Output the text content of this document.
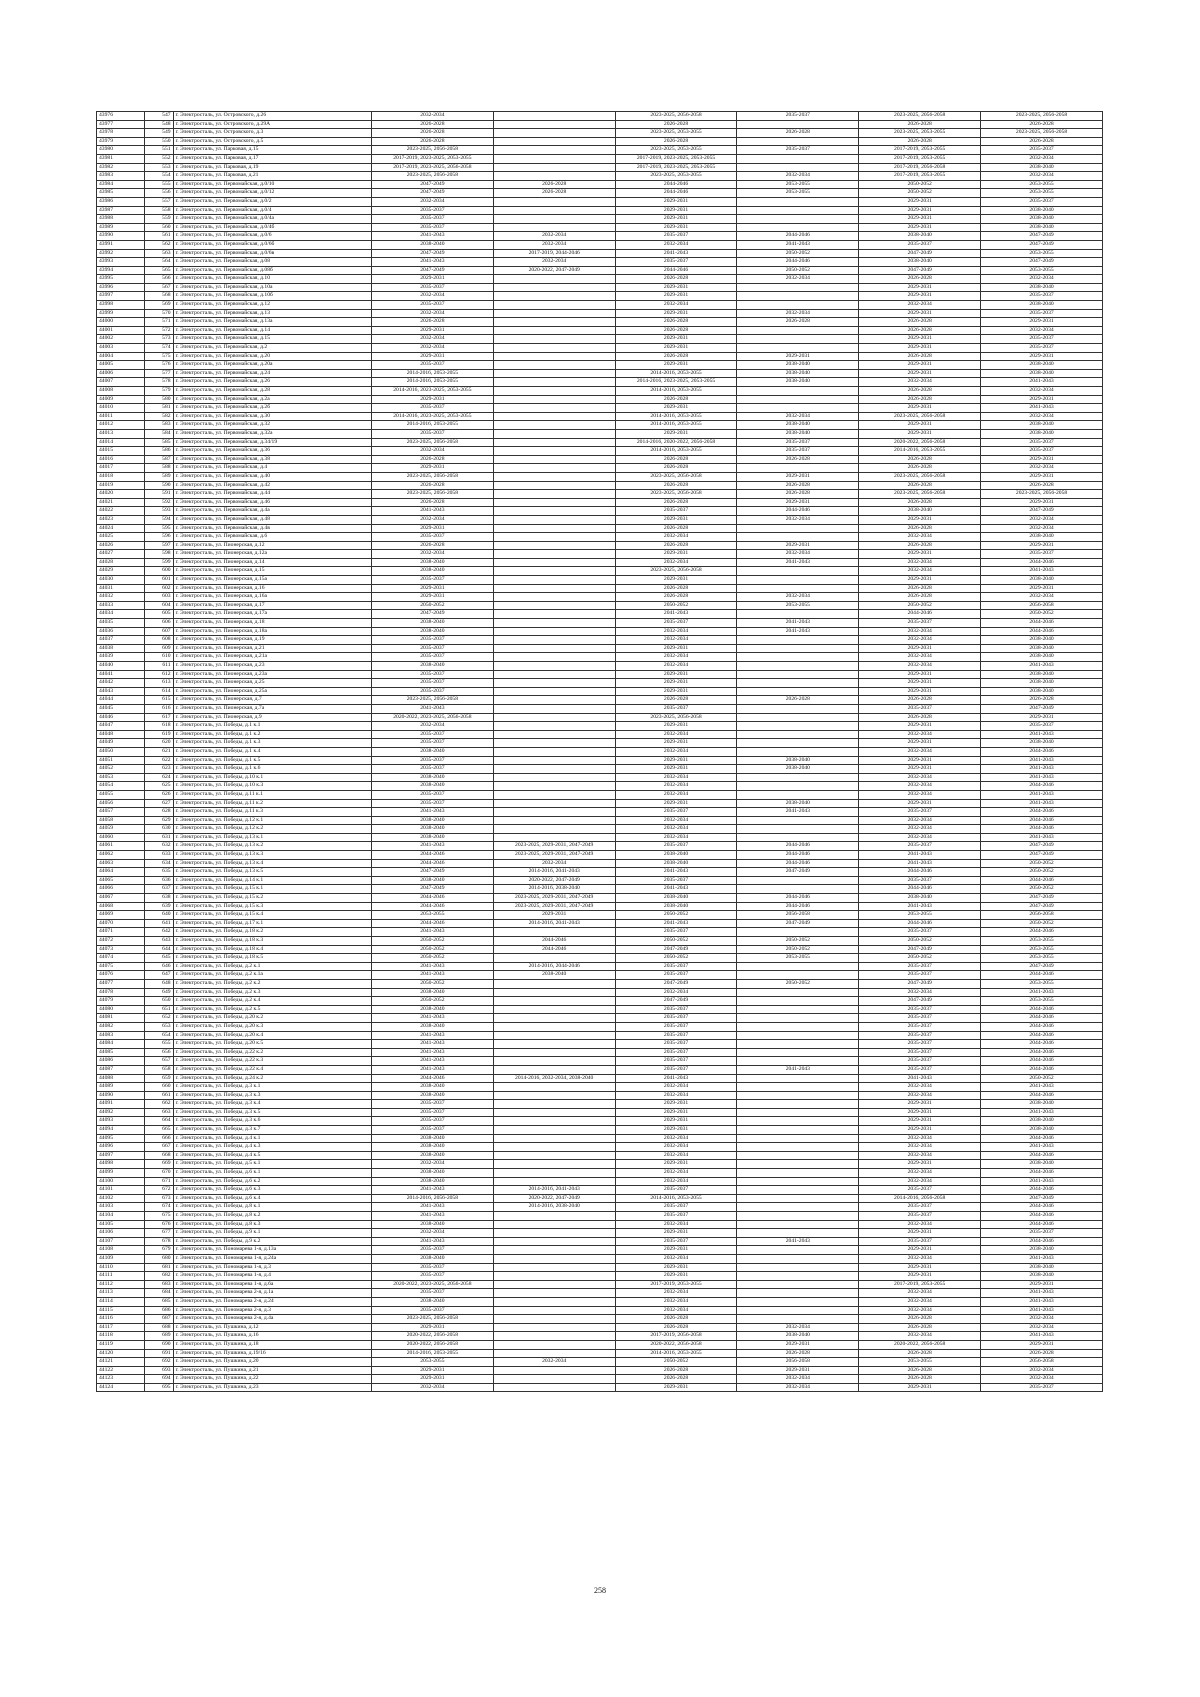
43976	547	г. Электросталь, ул. Островского, д.26	2032-2034		2023-2025, 2056-2058	2035-2037	2023-2025, 2056-2058	2023-2025, 2056-2058
43977	548	г. Электросталь, ул. Островского, д.29А	2026-2028		2026-2028		2026-2028	2026-2028
43978	549	г. Электросталь, ул. Островского, д.3	2026-2028		2023-2025, 2053-2055	2026-2028	2023-2025, 2053-2055	2023-2025, 2056-2058
43979	550	г. Электросталь, ул. Островского, д.5	2026-2028		2026-2028		2026-2028	2026-2028
43980	551	г. Электросталь, ул. Парковая, д.15	2023-2025, 2056-2058		2023-2025, 2053-2055	2035-2037	2017-2019, 2053-2055	2035-2037
43981	552	г. Электросталь, ул. Парковая, д.17	2017-2019, 2023-2025, 2053-2055		2017-2019, 2023-2025, 2053-2055		2017-2019, 2053-2055	2032-2034
43982	553	г. Электросталь, ул. Парковая, д.19	2017-2019, 2023-2025, 2056-2058		2017-2019, 2023-2025, 2053-2055		2017-2019, 2056-2058	2038-2040
43983	554	г. Электросталь, ул. Парковая, д.21	2023-2025, 2056-2058		2023-2025, 2053-2055	2032-2034	2017-2019, 2053-2055	2032-2034
43984	555	г. Электросталь, ул. Первомайская, д.0/10	2047-2049	2026-2028	2044-2046	2053-2055	2050-2052	2053-2055
43985	556	г. Электросталь, ул. Первомайская, д.0/12	2047-2049	2026-2028	2044-2046	2053-2055	2050-2052	2053-2055
43986	557	г. Электросталь, ул. Первомайская, д.0/2	2032-2034		2029-2031		2029-2031	2035-2037
43987	558	г. Электросталь, ул. Первомайская, д.0/4	2035-2037		2029-2031		2029-2031	2038-2040
43988	559	г. Электросталь, ул. Первомайская, д.0/4а	2035-2037		2029-2031		2029-2031	2038-2040
43989	560	г. Электросталь, ул. Первомайская, д.0/4б	2035-2037		2029-2031		2029-2031	2038-2040
43990	561	г. Электросталь, ул. Первомайская, д.0/6	2041-2043	2032-2034	2035-2037	2044-2046	2038-2040	2047-2049
43991	562	г. Электросталь, ул. Первомайская, д.0/6б	2038-2040	2032-2034	2032-2034	2041-2043	2035-2037	2047-2049
43992	563	г. Электросталь, ул. Первомайская, д.0/6в	2047-2049	2017-2019, 2044-2046	2041-2043	2050-2052	2047-2049	2053-2055
43993	564	г. Электросталь, ул. Первомайская, д.08	2041-2043	2032-2034	2035-2037	2044-2046	2038-2040	2047-2049
43994	565	г. Электросталь, ул. Первомайская, д.08б	2047-2049	2020-2022, 2047-2049	2044-2046	2050-2052	2047-2049	2053-2055
43995	566	г. Электросталь, ул. Первомайская, д.10	2029-2031		2026-2028	2032-2034	2026-2028	2032-2034
43996	567	г. Электросталь, ул. Первомайская, д.10а	2035-2037		2029-2031		2029-2031	2038-2040
43997	568	г. Электросталь, ул. Первомайская, д.10б	2032-2034		2029-2031		2029-2031	2035-2037
43998	569	г. Электросталь, ул. Первомайская, д.12	2035-2037		2032-2034		2032-2034	2038-2040
43999	570	г. Электросталь, ул. Первомайская, д.13	2032-2034		2029-2031	2032-2034	2029-2031	2035-2037
44000	571	г. Электросталь, ул. Первомайская, д.13а	2026-2028		2026-2028	2026-2028	2026-2028	2029-2031
44001	572	г. Электросталь, ул. Первомайская, д.14	2029-2031		2026-2028		2026-2028	2032-2034
44002	573	г. Электросталь, ул. Первомайская, д.15	2032-2034		2029-2031		2029-2031	2035-2037
44003	574	г. Электросталь, ул. Первомайская, д.2	2032-2034		2029-2031		2029-2031	2035-2037
44004	575	г. Электросталь, ул. Первомайская, д.20	2029-2031		2026-2028	2029-2031	2026-2028	2029-2031
44005	576	г. Электросталь, ул. Первомайская, д.20а	2035-2037		2029-2031	2038-2040	2029-2031	2038-2040
44006	577	г. Электросталь, ул. Первомайская, д.24	2014-2016, 2053-2055		2014-2016, 2053-2055	2038-2040	2029-2031	2038-2040
44007	578	г. Электросталь, ул. Первомайская, д.26	2014-2016, 2053-2055		2014-2016, 2023-2025, 2053-2055	2038-2040	2032-2034	2041-2043
44008	579	г. Электросталь, ул. Первомайская, д.28	2014-2016, 2023-2025, 2053-2055		2014-2016, 2053-2055		2026-2028	2032-2034
44009	580	г. Электросталь, ул. Первомайская, д.2а	2029-2031		2026-2028		2026-2028	2029-2031
44010	581	г. Электросталь, ул. Первомайская, д.2б	2035-2037		2029-2031		2029-2031	2041-2043
44011	582	г. Электросталь, ул. Первомайская, д.30	2014-2016, 2023-2025, 2053-2055		2014-2016, 2053-2055	2032-2034	2023-2025, 2056-2058	2032-2034
44012	583	г. Электросталь, ул. Первомайская, д.32	2014-2016, 2053-2055		2014-2016, 2053-2055	2038-2040	2029-2031	2038-2040
44013	584	г. Электросталь, ул. Первомайская, д.32а	2035-2037		2029-2031	2038-2040	2029-2031	2038-2040
44014	585	г. Электросталь, ул. Первомайская, д.34/19	2023-2025, 2056-2058		2014-2016, 2020-2022, 2056-2058	2035-2037	2020-2022, 2056-2058	2035-2037
44015	586	г. Электросталь, ул. Первомайская, д.36	2032-2034		2014-2016, 2053-2055	2035-2037	2014-2016, 2053-2055	2035-2037
44016	587	г. Электросталь, ул. Первомайская, д.38	2026-2028		2026-2028	2026-2028	2026-2028	2029-2031
44017	588	г. Электросталь, ул. Первомайская, д.4	2029-2031		2026-2028		2026-2028	2032-2034
44018	589	г. Электросталь, ул. Первомайская, д.40	2023-2025, 2056-2058		2023-2025, 2056-2058	2029-2031	2023-2025, 2056-2058	2029-2031
44019	590	г. Электросталь, ул. Первомайская, д.42	2026-2028		2026-2028	2026-2028	2026-2028	2026-2028
44020	591	г. Электросталь, ул. Первомайская, д.44	2023-2025, 2056-2058		2023-2025, 2056-2058	2026-2028	2023-2025, 2056-2058	2023-2025, 2056-2058
44021	592	г. Электросталь, ул. Первомайская, д.46	2026-2028		2026-2028	2029-2031	2026-2028	2029-2031
44022	593	г. Электросталь, ул. Первомайская, д.4а	2041-2043		2035-2037	2044-2046	2038-2040	2047-2049
44023	594	г. Электросталь, ул. Первомайская, д.48	2032-2034		2029-2031	2032-2034	2029-2031	2032-2034
44024	595	г. Электросталь, ул. Первомайская, д.4в	2029-2031		2026-2028		2026-2028	2032-2034
44025	596	г. Электросталь, ул. Первомайская, д.6	2035-2037		2032-2034		2032-2034	2038-2040
44026	597	г. Электросталь, ул. Пионерская, д.12	2026-2028		2026-2028	2029-2031	2026-2028	2029-2031
44027	598	г. Электросталь, ул. Пионерская, д.12а	2032-2034		2029-2031	2032-2034	2029-2031	2035-2037
44028	599	г. Электросталь, ул. Пионерская, д.14	2038-2040		2032-2034	2041-2043	2032-2034	2044-2046
44029	600	г. Электросталь, ул. Пионерская, д.15	2038-2040		2023-2025, 2056-2058		2032-2034	2041-2043
44030	601	г. Электросталь, ул. Пионерская, д.15а	2035-2037		2029-2031		2029-2031	2038-2040
44031	602	г. Электросталь, ул. Пионерская, д.16	2029-2031		2026-2028		2026-2028	2029-2031
44032	603	г. Электросталь, ул. Пионерская, д.16а	2029-2031		2026-2028	2032-2034	2026-2028	2032-2034
44033	604	г. Электросталь, ул. Пионерская, д.17	2050-2052		2050-2052	2053-2055	2050-2052	2056-2058
44034	605	г. Электросталь, ул. Пионерская, д.17а	2047-2049		2041-2043		2044-2046	2050-2052
44035	606	г. Электросталь, ул. Пионерская, д.18	2038-2040		2035-2037	2041-2043	2035-2037	2044-2046
44036	607	г. Электросталь, ул. Пионерская, д.18а	2038-2040		2032-2034	2041-2043	2032-2034	2044-2046
44037	608	г. Электросталь, ул. Пионерская, д.19	2035-2037		2032-2034		2032-2034	2038-2040
44038	609	г. Электросталь, ул. Пионерская, д.21	2035-2037		2029-2031		2029-2031	2038-2040
44039	610	г. Электросталь, ул. Пионерская, д.21а	2035-2037		2032-2034		2032-2034	2038-2040
44040	611	г. Электросталь, ул. Пионерская, д.23	2038-2040		2032-2034		2032-2034	2041-2043
44041	612	г. Электросталь, ул. Пионерская, д.23а	2035-2037		2029-2031		2029-2031	2038-2040
44042	613	г. Электросталь, ул. Пионерская, д.25	2035-2037		2029-2031		2029-2031	2038-2040
44043	614	г. Электросталь, ул. Пионерская, д.25а	2035-2037		2029-2031		2029-2031	2038-2040
44044	615	г. Электросталь, ул. Пионерская, д.7	2023-2025, 2056-2058		2026-2028	2026-2028	2026-2028	2026-2028
44045	616	г. Электросталь, ул. Пионерская, д.7а	2041-2043		2035-2037		2035-2037	2047-2049
44046	617	г. Электросталь, ул. Пионерская, д.9	2020-2022, 2023-2025, 2056-2058		2023-2025, 2056-2058		2026-2028	2029-2031
44047	618	г. Электросталь, ул. Победы, д.1 к.1	2032-2034		2029-2031		2029-2031	2035-2037
44048	619	г. Электросталь, ул. Победы, д.1 к.2	2035-2037		2032-2034		2032-2034	2041-2043
44049	620	г. Электросталь, ул. Победы, д.1 к.3	2035-2037		2029-2031		2029-2031	2038-2040
44050	621	г. Электросталь, ул. Победы, д.1 к.4	2038-2040		2032-2034		2032-2034	2044-2046
44051	622	г. Электросталь, ул. Победы, д.1 к.5	2035-2037		2029-2031	2038-2040	2029-2031	2041-2043
44052	623	г. Электросталь, ул. Победы, д.1 к.6	2035-2037		2029-2031	2038-2040	2029-2031	2041-2043
44053	624	г. Электросталь, ул. Победы, д.10 к.1	2038-2040		2032-2034		2032-2034	2041-2043
44054	625	г. Электросталь, ул. Победы, д.10 к.3	2038-2040		2032-2034		2032-2034	2044-2046
44055	626	г. Электросталь, ул. Победы, д.11 к.1	2035-2037		2032-2034		2032-2034	2041-2043
44056	627	г. Электросталь, ул. Победы, д.11 к.2	2035-2037		2029-2031	2038-2040	2029-2031	2041-2043
44057	628	г. Электросталь, ул. Победы, д.11 к.3	2041-2043		2035-2037	2041-2043	2035-2037	2044-2046
44058	629	г. Электросталь, ул. Победы, д.12 к.1	2038-2040		2032-2034		2032-2034	2044-2046
44059	630	г. Электросталь, ул. Победы, д.12 к.2	2038-2040		2032-2034		2032-2034	2044-2046
44060	631	г. Электросталь, ул. Победы, д.13 к.1	2038-2040		2032-2034		2032-2034	2041-2043
44061	632	г. Электросталь, ул. Победы, д.13 к.2	2041-2043	2023-2025, 2029-2031, 2047-2049	2035-2037	2044-2046	2035-2037	2047-2049
44062	633	г. Электросталь, ул. Победы, д.13 к.3	2044-2046	2023-2025, 2029-2031, 2047-2049	2038-2040	2044-2046	2041-2043	2047-2049
44063	634	г. Электросталь, ул. Победы, д.13 к.4	2044-2046	2032-2034	2038-2040	2044-2046	2041-2043	2050-2052
44064	635	г. Электросталь, ул. Победы, д.13 к.5	2047-2049	2014-2016, 2041-2043	2041-2043	2047-2049	2044-2046	2050-2052
44065	636	г. Электросталь, ул. Победы, д.14 к.1	2038-2040	2020-2022, 2047-2049	2035-2037		2035-2037	2044-2046
44066	637	г. Электросталь, ул. Победы, д.15 к.1	2047-2049	2014-2016, 2038-2040	2041-2043		2044-2046	2050-2052
44067	638	г. Электросталь, ул. Победы, д.15 к.2	2044-2046	2023-2025, 2029-2031, 2047-2049	2038-2040	2044-2046	2038-2040	2047-2049
44068	639	г. Электросталь, ул. Победы, д.15 к.3	2044-2046	2023-2025, 2029-2031, 2047-2049	2038-2040	2044-2046	2041-2043	2047-2049
44069	640	г. Электросталь, ул. Победы, д.15 к.4	2053-2055	2029-2031	2050-2052	2056-2058	2053-2055	2056-2058
44070	641	г. Электросталь, ул. Победы, д.17 к.1	2044-2046	2014-2016, 2041-2043	2041-2043	2047-2049	2044-2046	2050-2052
44071	642	г. Электросталь, ул. Победы, д.18 к.2	2041-2043		2035-2037		2035-2037	2044-2046
44072	643	г. Электросталь, ул. Победы, д.18 к.3	2050-2052	2044-2046	2050-2052	2050-2052	2050-2052	2053-2055
44073	644	г. Электросталь, ул. Победы, д.18 к.4	2050-2052	2044-2046	2047-2049	2050-2052	2047-2049	2053-2055
44074	645	г. Электросталь, ул. Победы, д.18 к.5	2050-2052		2050-2052	2053-2055	2050-2052	2053-2055
44075	646	г. Электросталь, ул. Победы, д.2 к.1	2041-2043	2014-2016, 2044-2046	2035-2037		2035-2037	2047-2049
44076	647	г. Электросталь, ул. Победы, д.2 к.1а	2041-2043	2038-2040	2035-2037		2035-2037	2044-2046
44077	648	г. Электросталь, ул. Победы, д.2 к.2	2050-2052		2047-2049	2050-2052	2047-2049	2053-2055
44078	649	г. Электросталь, ул. Победы, д.2 к.3	2038-2040		2032-2034		2032-2034	2041-2043
44079	650	г. Электросталь, ул. Победы, д.2 к.4	2050-2052		2047-2049		2047-2049	2053-2055
44080	651	г. Электросталь, ул. Победы, д.2 к.5	2038-2040		2035-2037		2035-2037	2044-2046
44081	652	г. Электросталь, ул. Победы, д.20 к.2	2041-2043		2035-2037		2035-2037	2044-2046
44082	653	г. Электросталь, ул. Победы, д.20 к.3	2038-2040		2035-2037		2035-2037	2044-2046
44083	654	г. Электросталь, ул. Победы, д.20 к.4	2041-2043		2035-2037		2035-2037	2044-2046
44084	655	г. Электросталь, ул. Победы, д.20 к.5	2041-2043		2035-2037		2035-2037	2044-2046
44085	656	г. Электросталь, ул. Победы, д.22 к.2	2041-2043		2035-2037		2035-2037	2044-2046
44086	657	г. Электросталь, ул. Победы, д.22 к.3	2041-2043		2035-2037		2035-2037	2044-2046
44087	658	г. Электросталь, ул. Победы, д.22 к.4	2041-2043		2035-2037	2041-2043	2035-2037	2044-2046
44088	659	г. Электросталь, ул. Победы, д.24 к.2	2044-2046	2014-2016, 2032-2034, 2038-2040	2041-2043		2041-2043	2050-2052
44089	660	г. Электросталь, ул. Победы, д.3 к.1	2038-2040		2032-2034		2032-2034	2041-2043
44090	661	г. Электросталь, ул. Победы, д.3 к.3	2038-2040		2032-2034		2032-2034	2044-2046
44091	662	г. Электросталь, ул. Победы, д.3 к.4	2035-2037		2029-2031		2029-2031	2038-2040
44092	663	г. Электросталь, ул. Победы, д.3 к.5	2035-2037		2029-2031		2029-2031	2041-2043
44093	664	г. Электросталь, ул. Победы, д.3 к.6	2035-2037		2029-2031		2029-2031	2038-2040
44094	665	г. Электросталь, ул. Победы, д.3 к.7	2035-2037		2029-2031		2029-2031	2038-2040
44095	666	г. Электросталь, ул. Победы, д.4 к.1	2038-2040		2032-2034		2032-2034	2044-2046
44096	667	г. Электросталь, ул. Победы, д.4 к.3	2038-2040		2032-2034		2032-2034	2041-2043
44097	668	г. Электросталь, ул. Победы, д.4 к.5	2038-2040		2032-2034		2032-2034	2044-2046
44098	669	г. Электросталь, ул. Победы, д.5 к.1	2032-2034		2029-2031		2029-2031	2038-2040
44099	670	г. Электросталь, ул. Победы, д.6 к.1	2038-2040		2032-2034		2032-2034	2044-2046
44100	671	г. Электросталь, ул. Победы, д.6 к.2	2038-2040		2032-2034		2032-2034	2041-2043
44101	672	г. Электросталь, ул. Победы, д.6 к.3	2041-2043	2014-2016, 2041-2043	2035-2037		2035-2037	2044-2046
44102	673	г. Электросталь, ул. Победы, д.6 к.4	2014-2016, 2056-2058	2020-2022, 2047-2049	2014-2016, 2053-2055		2014-2016, 2056-2058	2047-2049
44103	674	г. Электросталь, ул. Победы, д.8 к.1	2041-2043	2014-2016, 2038-2040	2035-2037		2035-2037	2044-2046
44104	675	г. Электросталь, ул. Победы, д.8 к.2	2041-2043		2035-2037		2035-2037	2044-2046
44105	676	г. Электросталь, ул. Победы, д.8 к.3	2038-2040		2032-2034		2032-2034	2044-2046
44106	677	г. Электросталь, ул. Победы, д.9 к.1	2032-2034		2029-2031		2029-2031	2035-2037
44107	678	г. Электросталь, ул. Победы, д.9 к.2	2041-2043		2035-2037	2041-2043	2035-2037	2044-2046
44108	679	г. Электросталь, ул. Пономарева 1-я, д.13а	2035-2037		2029-2031		2029-2031	2038-2040
44109	680	г. Электросталь, ул. Пономарева 1-я, д.24а	2038-2040		2032-2034		2032-2034	2041-2043
44110	681	г. Электросталь, ул. Пономарева 1-я, д.3	2035-2037		2029-2031		2029-2031	2038-2040
44111	682	г. Электросталь, ул. Пономарева 1-я, д.4	2035-2037		2029-2031		2029-2031	2038-2040
44112	683	г. Электросталь, ул. Пономарева 1-я, д.6а	2020-2022, 2023-2025, 2056-2058		2017-2019, 2053-2055		2017-2019, 2053-2055	2029-2031
44113	684	г. Электросталь, ул. Пономарева 2-я, д.1а	2035-2037		2032-2034		2032-2034	2041-2043
44114	685	г. Электросталь, ул. Пономарева 2-я, д.24	2038-2040		2032-2034		2032-2034	2041-2043
44115	686	г. Электросталь, ул. Пономарева 2-я, д.3	2035-2037		2032-2034		2032-2034	2041-2043
44116	687	г. Электросталь, ул. Пономарева 2-я, д.4а	2023-2025, 2056-2058		2026-2028		2026-2028	2032-2034
44117	688	г. Электросталь, ул. Пушкина, д.12	2029-2031		2026-2028	2032-2034	2026-2028	2032-2034
44118	689	г. Электросталь, ул. Пушкина, д.16	2020-2022, 2056-2058		2017-2019, 2056-2058	2038-2040	2032-2034	2041-2043
44119	690	г. Электросталь, ул. Пушкина, д.18	2020-2022, 2056-2058		2020-2022, 2056-2058	2029-2031	2020-2022, 2056-2058	2029-2031
44120	691	г. Электросталь, ул. Пушкина, д.19/16	2014-2016, 2053-2055		2014-2016, 2053-2055	2026-2028	2026-2028	2026-2028
44121	692	г. Электросталь, ул. Пушкина, д.20	2053-2055	2032-2034	2050-2052	2056-2058	2053-2055	2056-2058
44122	693	г. Электросталь, ул. Пушкина, д.21	2029-2031		2026-2028	2029-2031	2026-2028	2032-2034
44123	694	г. Электросталь, ул. Пушкина, д.22	2029-2031		2026-2028	2032-2034	2026-2028	2032-2034
44124	695	г. Электросталь, ул. Пушкина, д.23	2032-2034		2029-2031	2032-2034	2029-2031	2035-2037
258
